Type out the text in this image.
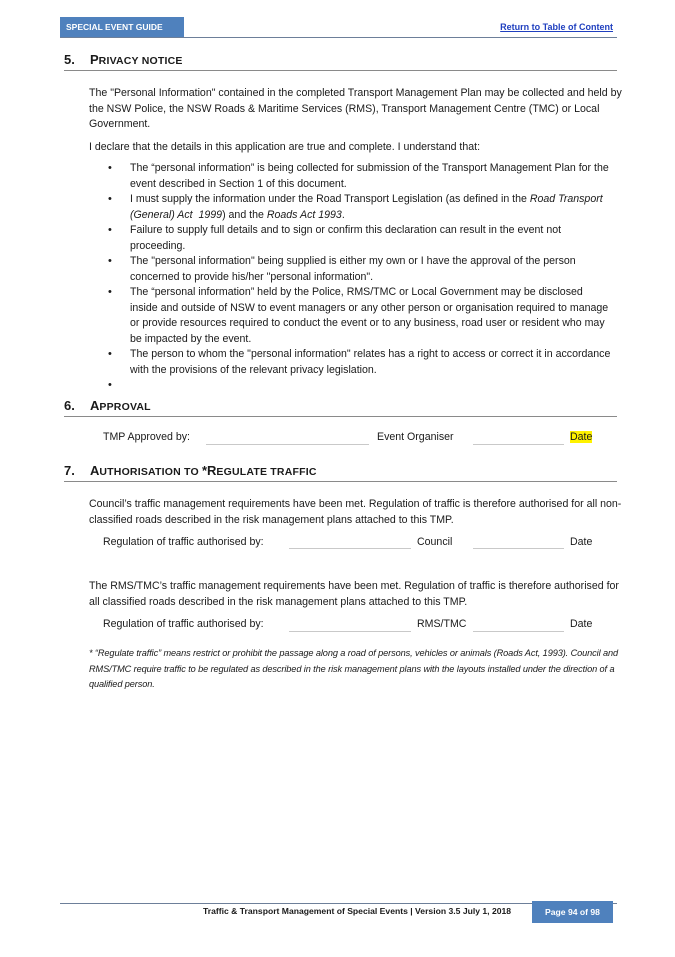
SPECIAL EVENT GUIDE	Return to Table of Content
5. PRIVACY NOTICE
The "Personal Information" contained in the completed Transport Management Plan may be collected and held by the NSW Police, the NSW Roads & Maritime Services (RMS), Transport Management Centre (TMC) or Local Government.
I declare that the details in this application are true and complete. I understand that:
• The “personal information” is being collected for submission of the Transport Management Plan for the event described in Section 1 of this document.
• I must supply the information under the Road Transport Legislation (as defined in the Road Transport (General) Act  1999) and the Roads Act 1993.
• Failure to supply full details and to sign or confirm this declaration can result in the event not proceeding.
• The "personal information" being supplied is either my own or I have the approval of the person concerned to provide his/her "personal information".
• The “personal information” held by the Police, RMS/TMC or Local Government may be disclosed inside and outside of NSW to event managers or any other person or organisation required to manage or provide resources required to conduct the event or to any business, road user or resident who may be impacted by the event.
• The person to whom the "personal information" relates has a right to access or correct it in accordance with the provisions of the relevant privacy legislation.
•
6. APPROVAL
TMP Approved by:	Event Organiser	Date
7. AUTHORISATION TO *REGULATE TRAFFIC
Council’s traffic management requirements have been met. Regulation of traffic is therefore authorised for all non-classified roads described in the risk management plans attached to this TMP.
Regulation of traffic authorised by:	Council	Date
The RMS/TMC’s traffic management requirements have been met. Regulation of traffic is therefore authorised for all classified roads described in the risk management plans attached to this TMP.
Regulation of traffic authorised by:	RMS/TMC	Date
* “Regulate traffic” means restrict or prohibit the passage along a road of persons, vehicles or animals (Roads Act, 1993). Council and RMS/TMC require traffic to be regulated as described in the risk management plans with the layouts installed under the direction of a qualified person.
Traffic & Transport Management of Special Events | Version 3.5 July 1, 2018	Page 94 of 98
